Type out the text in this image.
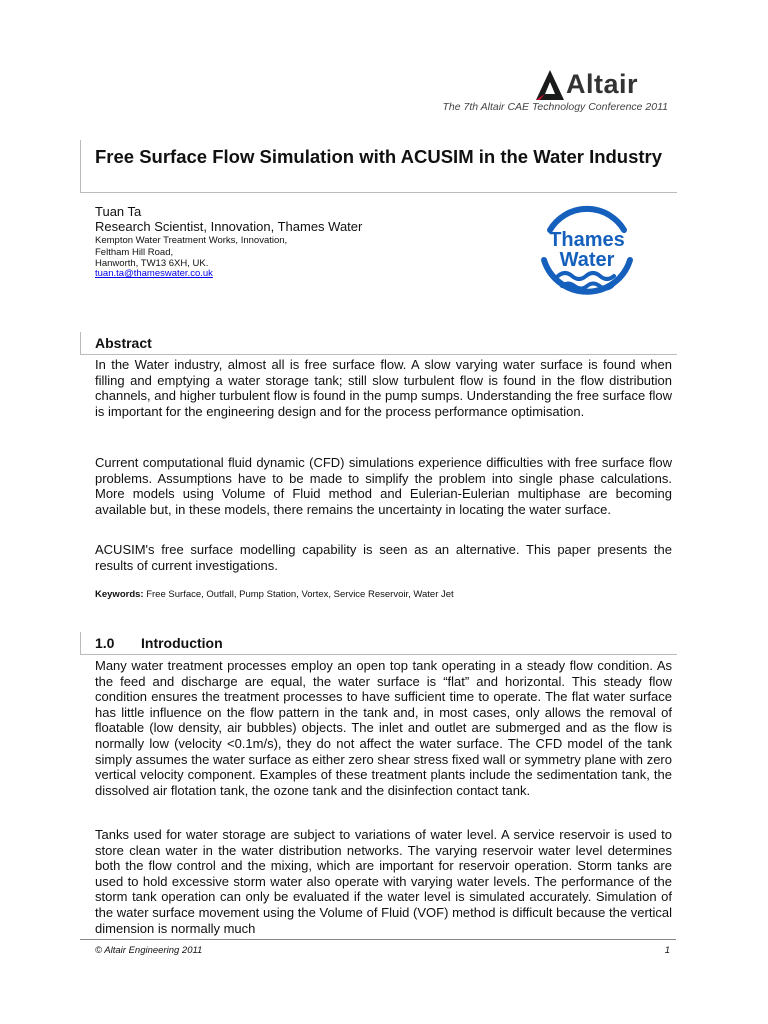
Altair
The 7th Altair CAE Technology Conference 2011
Free Surface Flow Simulation with ACUSIM in the Water Industry
Tuan Ta
Research Scientist, Innovation, Thames Water
Kempton Water Treatment Works, Innovation,
Feltham Hill Road,
Hanworth, TW13 6XH, UK.
tuan.ta@thameswater.co.uk
Thames
Water
Abstract

In the Water industry, almost all is free surface flow. A slow varying water surface is found when filling and emptying a water storage tank; still slow turbulent flow is found in the flow distribution channels, and higher turbulent flow is found in the pump sumps. Understanding the free surface flow is important for the engineering design and for the process performance optimisation.

Current computational fluid dynamic (CFD) simulations experience difficulties with free surface flow problems. Assumptions have to be made to simplify the problem into single phase calculations. More models using Volume of Fluid method and Eulerian-Eulerian multiphase are becoming available but, in these models, there remains the uncertainty in locating the water surface.

ACUSIM's free surface modelling capability is seen as an alternative. This paper presents the results of current investigations.

Keywords: Free Surface, Outfall, Pump Station, Vortex, Service Reservoir, Water Jet
1.0 Introduction

Many water treatment processes employ an open top tank operating in a steady flow condition. As the feed and discharge are equal, the water surface is “flat” and horizontal. This steady flow condition ensures the treatment processes to have sufficient time to operate. The flat water surface has little influence on the flow pattern in the tank and, in most cases, only allows the removal of floatable (low density, air bubbles) objects. The inlet and outlet are submerged and as the flow is normally low (velocity <0.1m/s), they do not affect the water surface. The CFD model of the tank simply assumes the water surface as either zero shear stress fixed wall or symmetry plane with zero vertical velocity component. Examples of these treatment plants include the sedimentation tank, the dissolved air flotation tank, the ozone tank and the disinfection contact tank.

Tanks used for water storage are subject to variations of water level. A service reservoir is used to store clean water in the water distribution networks. The varying reservoir water level determines both the flow control and the mixing, which are important for reservoir operation. Storm tanks are used to hold excessive storm water also operate with varying water levels. The performance of the storm tank operation can only be evaluated if the water level is simulated accurately. Simulation of the water surface movement using the Volume of Fluid (VOF) method is difficult because the vertical dimension is normally much

© Altair Engineering 2011	1
